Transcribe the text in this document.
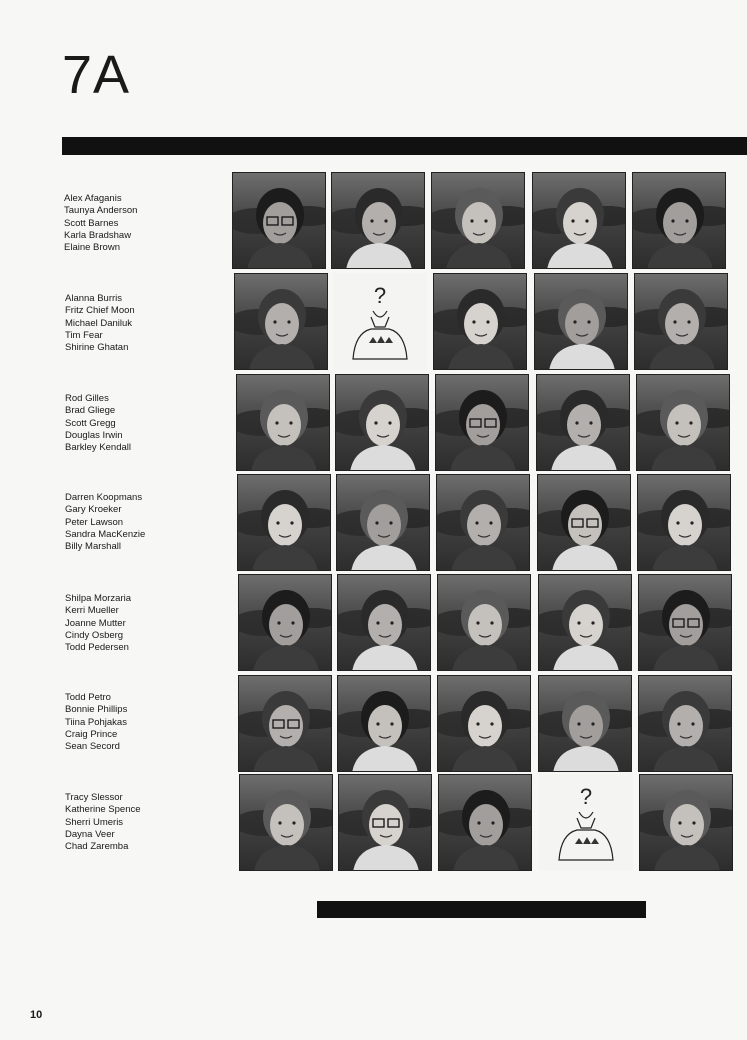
7A
Alex Afaganis
Taunya Anderson
Scott Barnes
Karla Bradshaw
Elaine Brown
Alanna Burris
Fritz Chief Moon
Michael Daniluk
Tim Fear
Shirine Ghatan
Rod Gilles
Brad Gliege
Scott Gregg
Douglas Irwin
Barkley Kendall
Darren Koopmans
Gary Kroeker
Peter Lawson
Sandra MacKenzie
Billy Marshall
Shilpa Morzaria
Kerri Mueller
Joanne Mutter
Cindy Osberg
Todd Pedersen
Todd Petro
Bonnie Phillips
Tiina Pohjakas
Craig Prince
Sean Secord
Tracy Slessor
Katherine Spence
Sherri Umeris
Dayna Veer
Chad Zaremba
?
?
10
